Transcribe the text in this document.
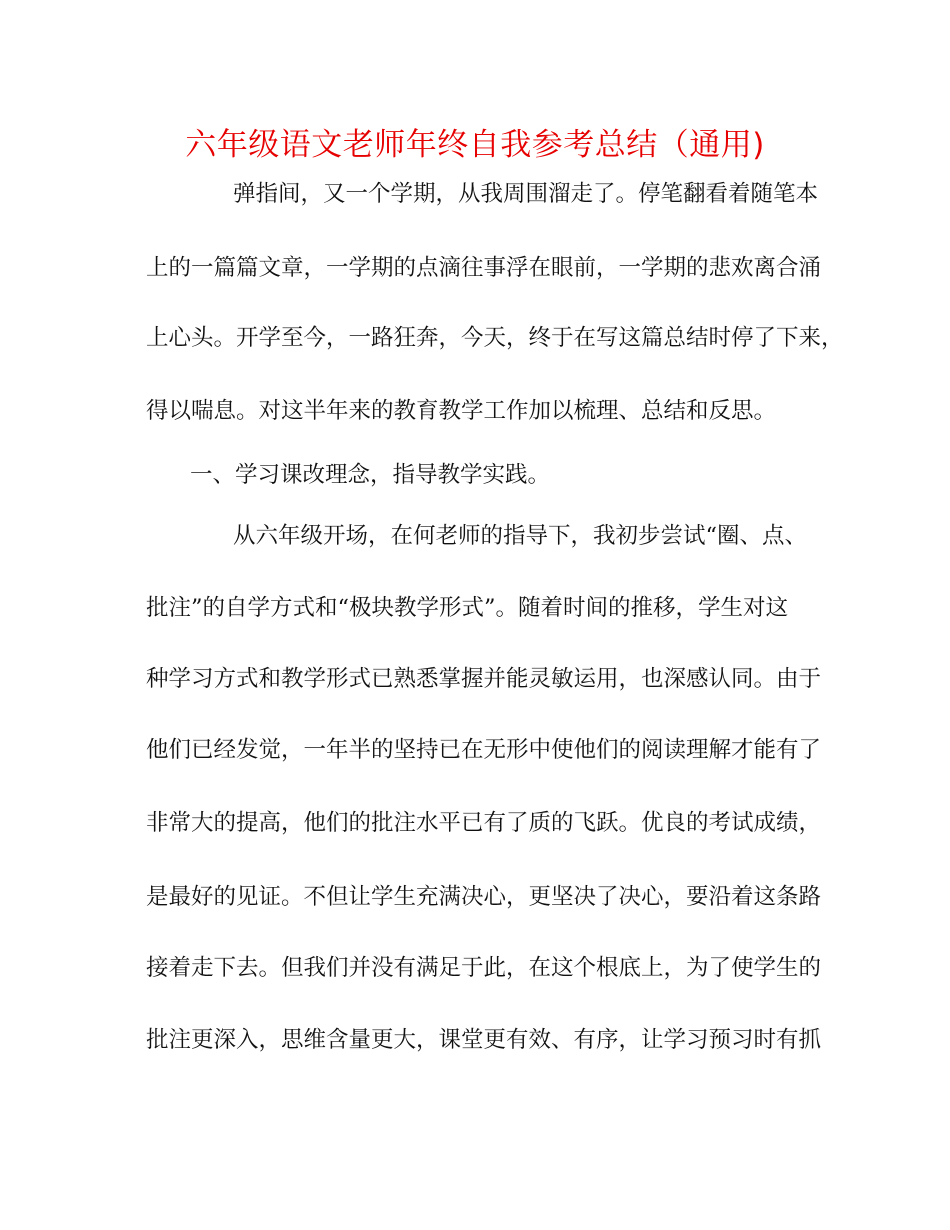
六年级语文老师年终自我参考总结（通用)
弹指间，又一个学期，从我周围溜走了。停笔翻看着随笔本
上的一篇篇文章，一学期的点滴往事浮在眼前，一学期的悲欢离合涌
上心头。开学至今，一路狂奔，今天，终于在写这篇总结时停了下来，
得以喘息。对这半年来的教育教学工作加以梳理、总结和反思。
一、学习课改理念，指导教学实践。
从六年级开场，在何老师的指导下，我初步尝试“圈、点、
批注”的自学方式和“极块教学形式”。随着时间的推移，学生对这
种学习方式和教学形式已熟悉掌握并能灵敏运用，也深感认同。由于
他们已经发觉，一年半的坚持已在无形中使他们的阅读理解才能有了
非常大的提高，他们的批注水平已有了质的飞跃。优良的考试成绩，
是最好的见证。不但让学生充满决心，更坚决了决心，要沿着这条路
接着走下去。但我们并没有满足于此，在这个根底上，为了使学生的
批注更深入，思维含量更大，课堂更有效、有序，让学习预习时有抓
